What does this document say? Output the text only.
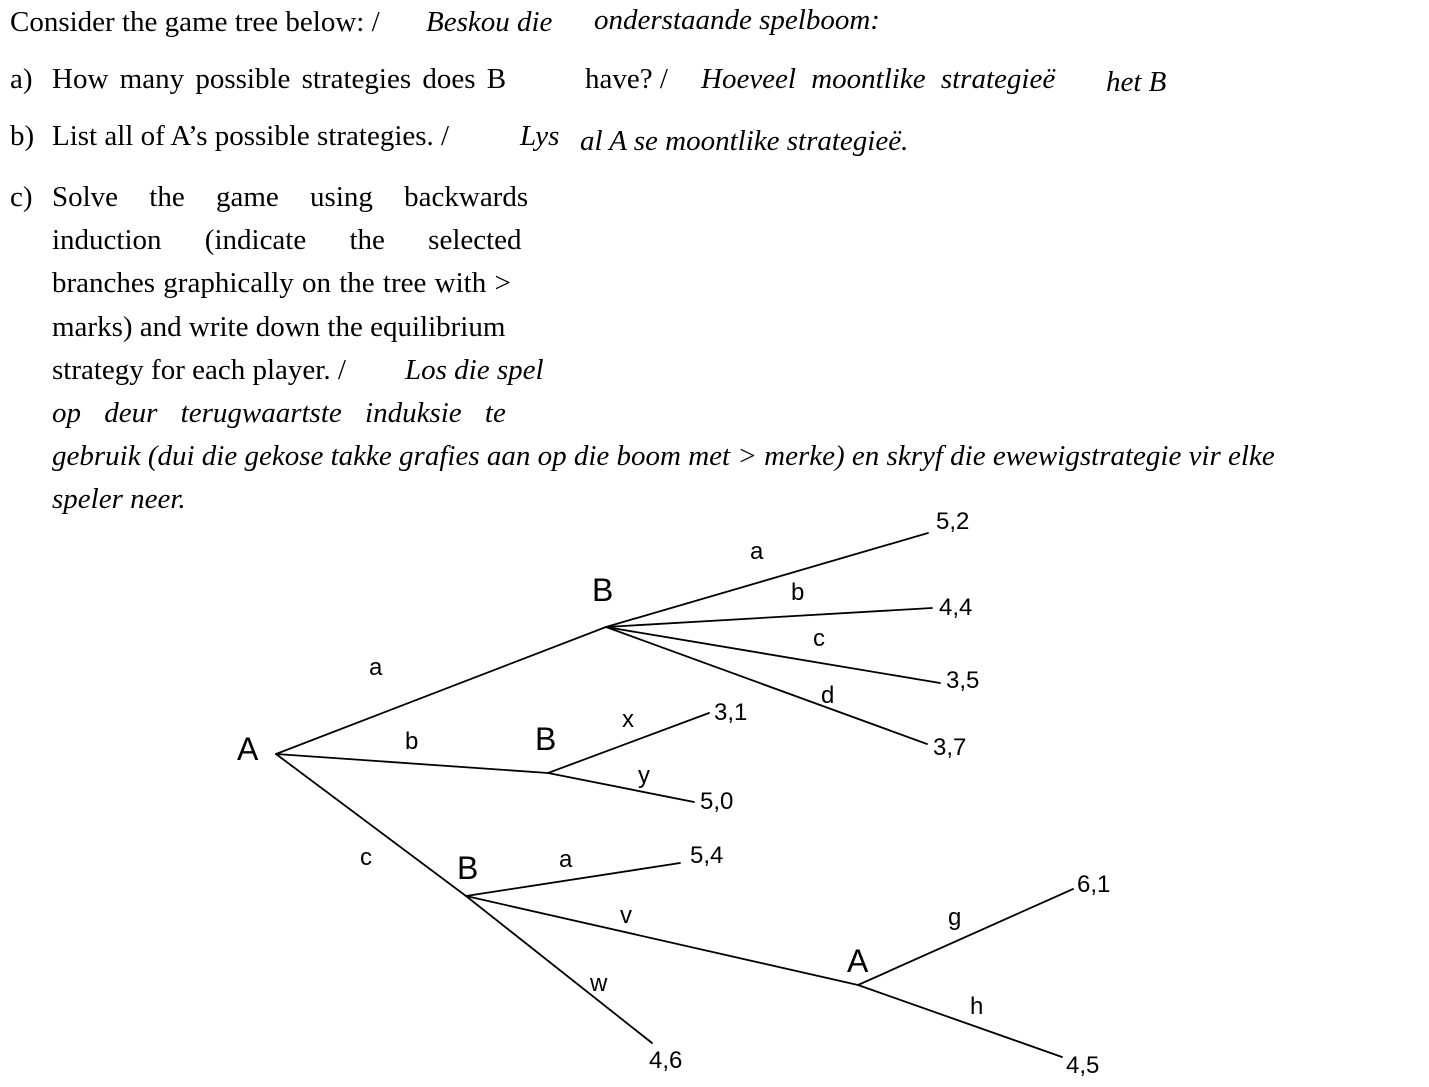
Consider the game tree below: / Beskou die onderstaande spelboom:
a) How many possible strategies does B	have? / Hoeveel moontlike strategieë het B
b) List all of A’s possible strategies. / Lys al A se moontlike strategieë.
c) Solve the game using backwards
induction (indicate the selected
branches graphically on the tree with >
marks) and write down the equilibrium
strategy for each player. / Los die spel
op deur terugwaartste induksie te
gebruik (dui die gekose takke grafies aan op die boom met > merke) en skryf die ewewigstrategie vir elke
speler neer.
A
B
B
B
A
a
b
c
a
b
c
d
x
y
a
v
w
g
h
5,2
4,4
3,5
3,7
3,1
5,0
5,4
4,6
6,1
4,5
